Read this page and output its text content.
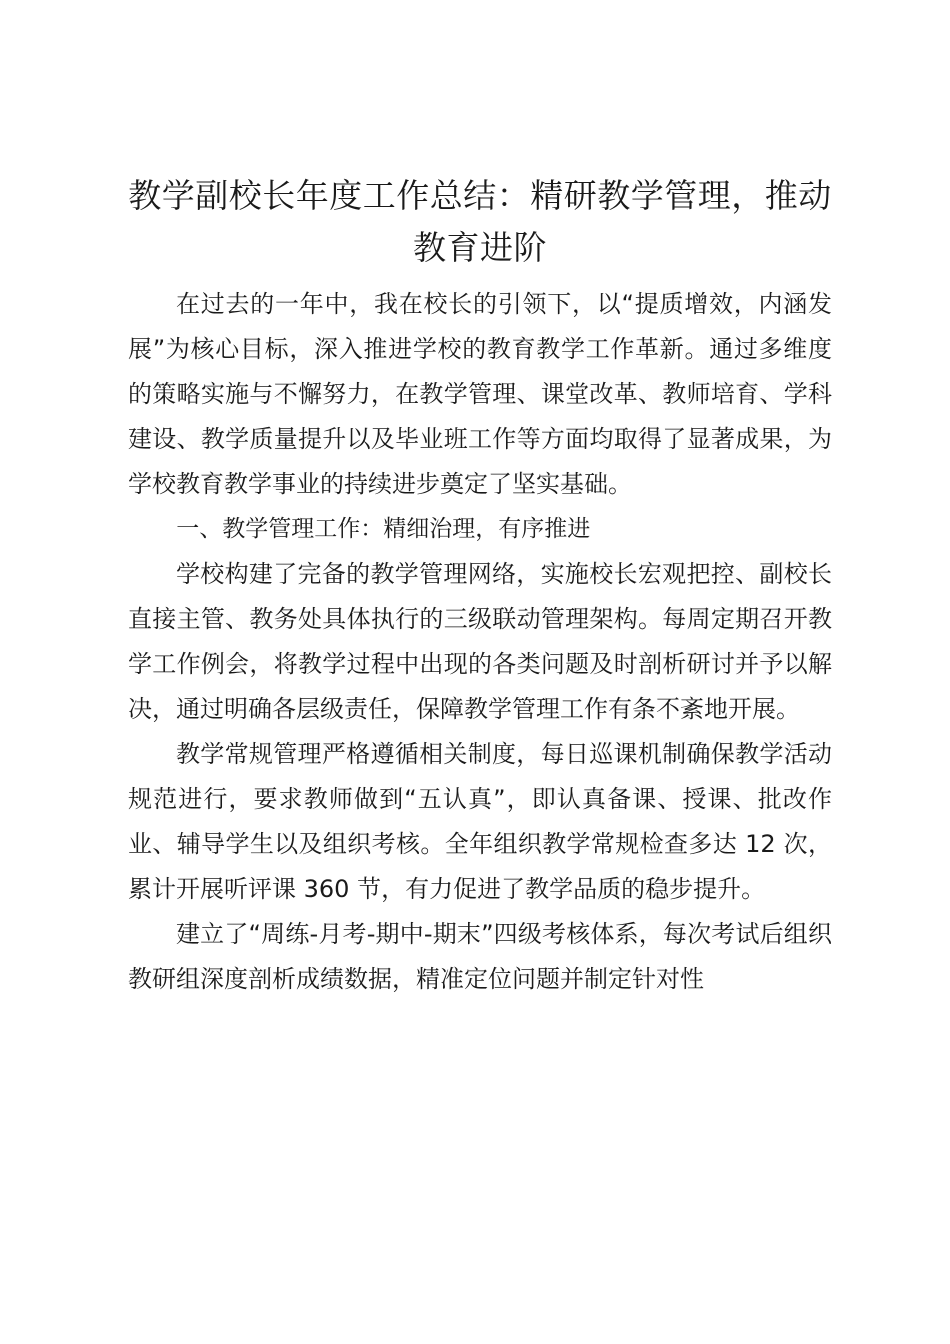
教学副校长年度工作总结：精研教学管理，推动教育进阶

在过去的一年中，我在校长的引领下，以“提质增效，内涵发展”为核心目标，深入推进学校的教育教学工作革新。通过多维度的策略实施与不懈努力，在教学管理、课堂改革、教师培育、学科建设、教学质量提升以及毕业班工作等方面均取得了显著成果，为学校教育教学事业的持续进步奠定了坚实基础。

一、教学管理工作：精细治理，有序推进

学校构建了完备的教学管理网络，实施校长宏观把控、副校长直接主管、教务处具体执行的三级联动管理架构。每周定期召开教学工作例会，将教学过程中出现的各类问题及时剖析研讨并予以解决，通过明确各层级责任，保障教学管理工作有条不紊地开展。

教学常规管理严格遵循相关制度，每日巡课机制确保教学活动规范进行，要求教师做到“五认真”，即认真备课、授课、批改作业、辅导学生以及组织考核。全年组织教学常规检查多达 12 次，累计开展听评课 360 节，有力促进了教学品质的稳步提升。

建立了“周练-月考-期中-期末”四级考核体系，每次考试后组织教研组深度剖析成绩数据，精准定位问题并制定针对性
